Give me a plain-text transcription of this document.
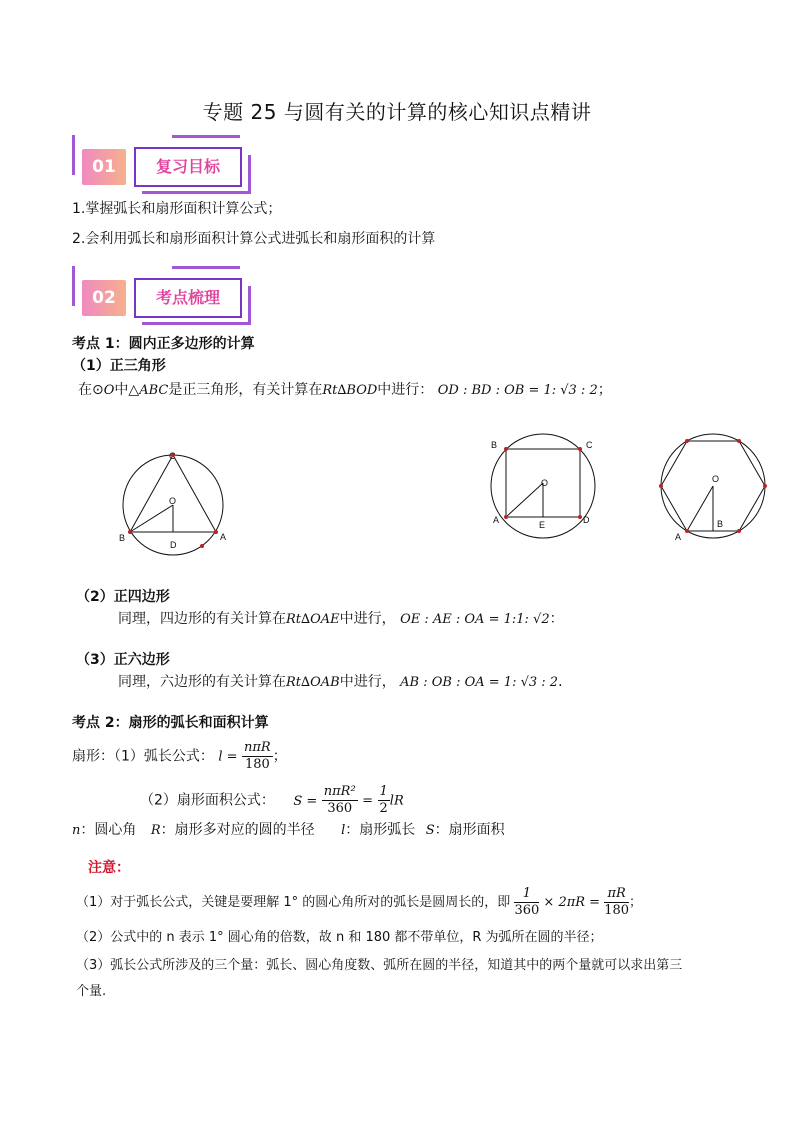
专题 25 与圆有关的计算的核心知识点精讲
01	复习目标
1.掌握弧长和扇形面积计算公式；
2.会利用弧长和扇形面积计算公式进弧长和扇形面积的计算
02	考点梳理
考点 1：圆内正多边形的计算
（1）正三角形
在⊙O中△ABC是正三角形，有关计算在Rt∆BOD中进行： OD : BD : OB = 1: √3 : 2；
C
O
B
D
A
B	C
O
A	E	D
O
A
B
（2）正四边形
同理，四边形的有关计算在Rt∆OAE中进行， OE : AE : OA = 1:1: √2：
（3）正六边形
同理，六边形的有关计算在Rt∆OAB中进行， AB : OB : OA = 1: √3 : 2.
考点 2：扇形的弧长和面积计算
扇形：（1）弧长公式： $l = \frac{\text{nπR}}{180}$ ；
（2）扇形面积公式： $S = \frac{\text{nπR²}}{360} = \frac{1}{2}$ lR
n：圆心角 R：扇形多对应的圆的半径 l：扇形弧长 S：扇形面积
注意：
（1）对于弧长公式，关键是要理解 1° 的圆心角所对的弧长是圆周长的，即 $\frac{1}{360} \times 2\pi R = \frac{\pi R}{180}$ ；
（2）公式中的 n 表示 1° 圆心角的倍数，故 n 和 180 都不带单位，R 为弧所在圆的半径；
（3）弧长公式所涉及的三个量：弧长、圆心角度数、弧所在圆的半径，知道其中的两个量就可以求出第三
个量.
